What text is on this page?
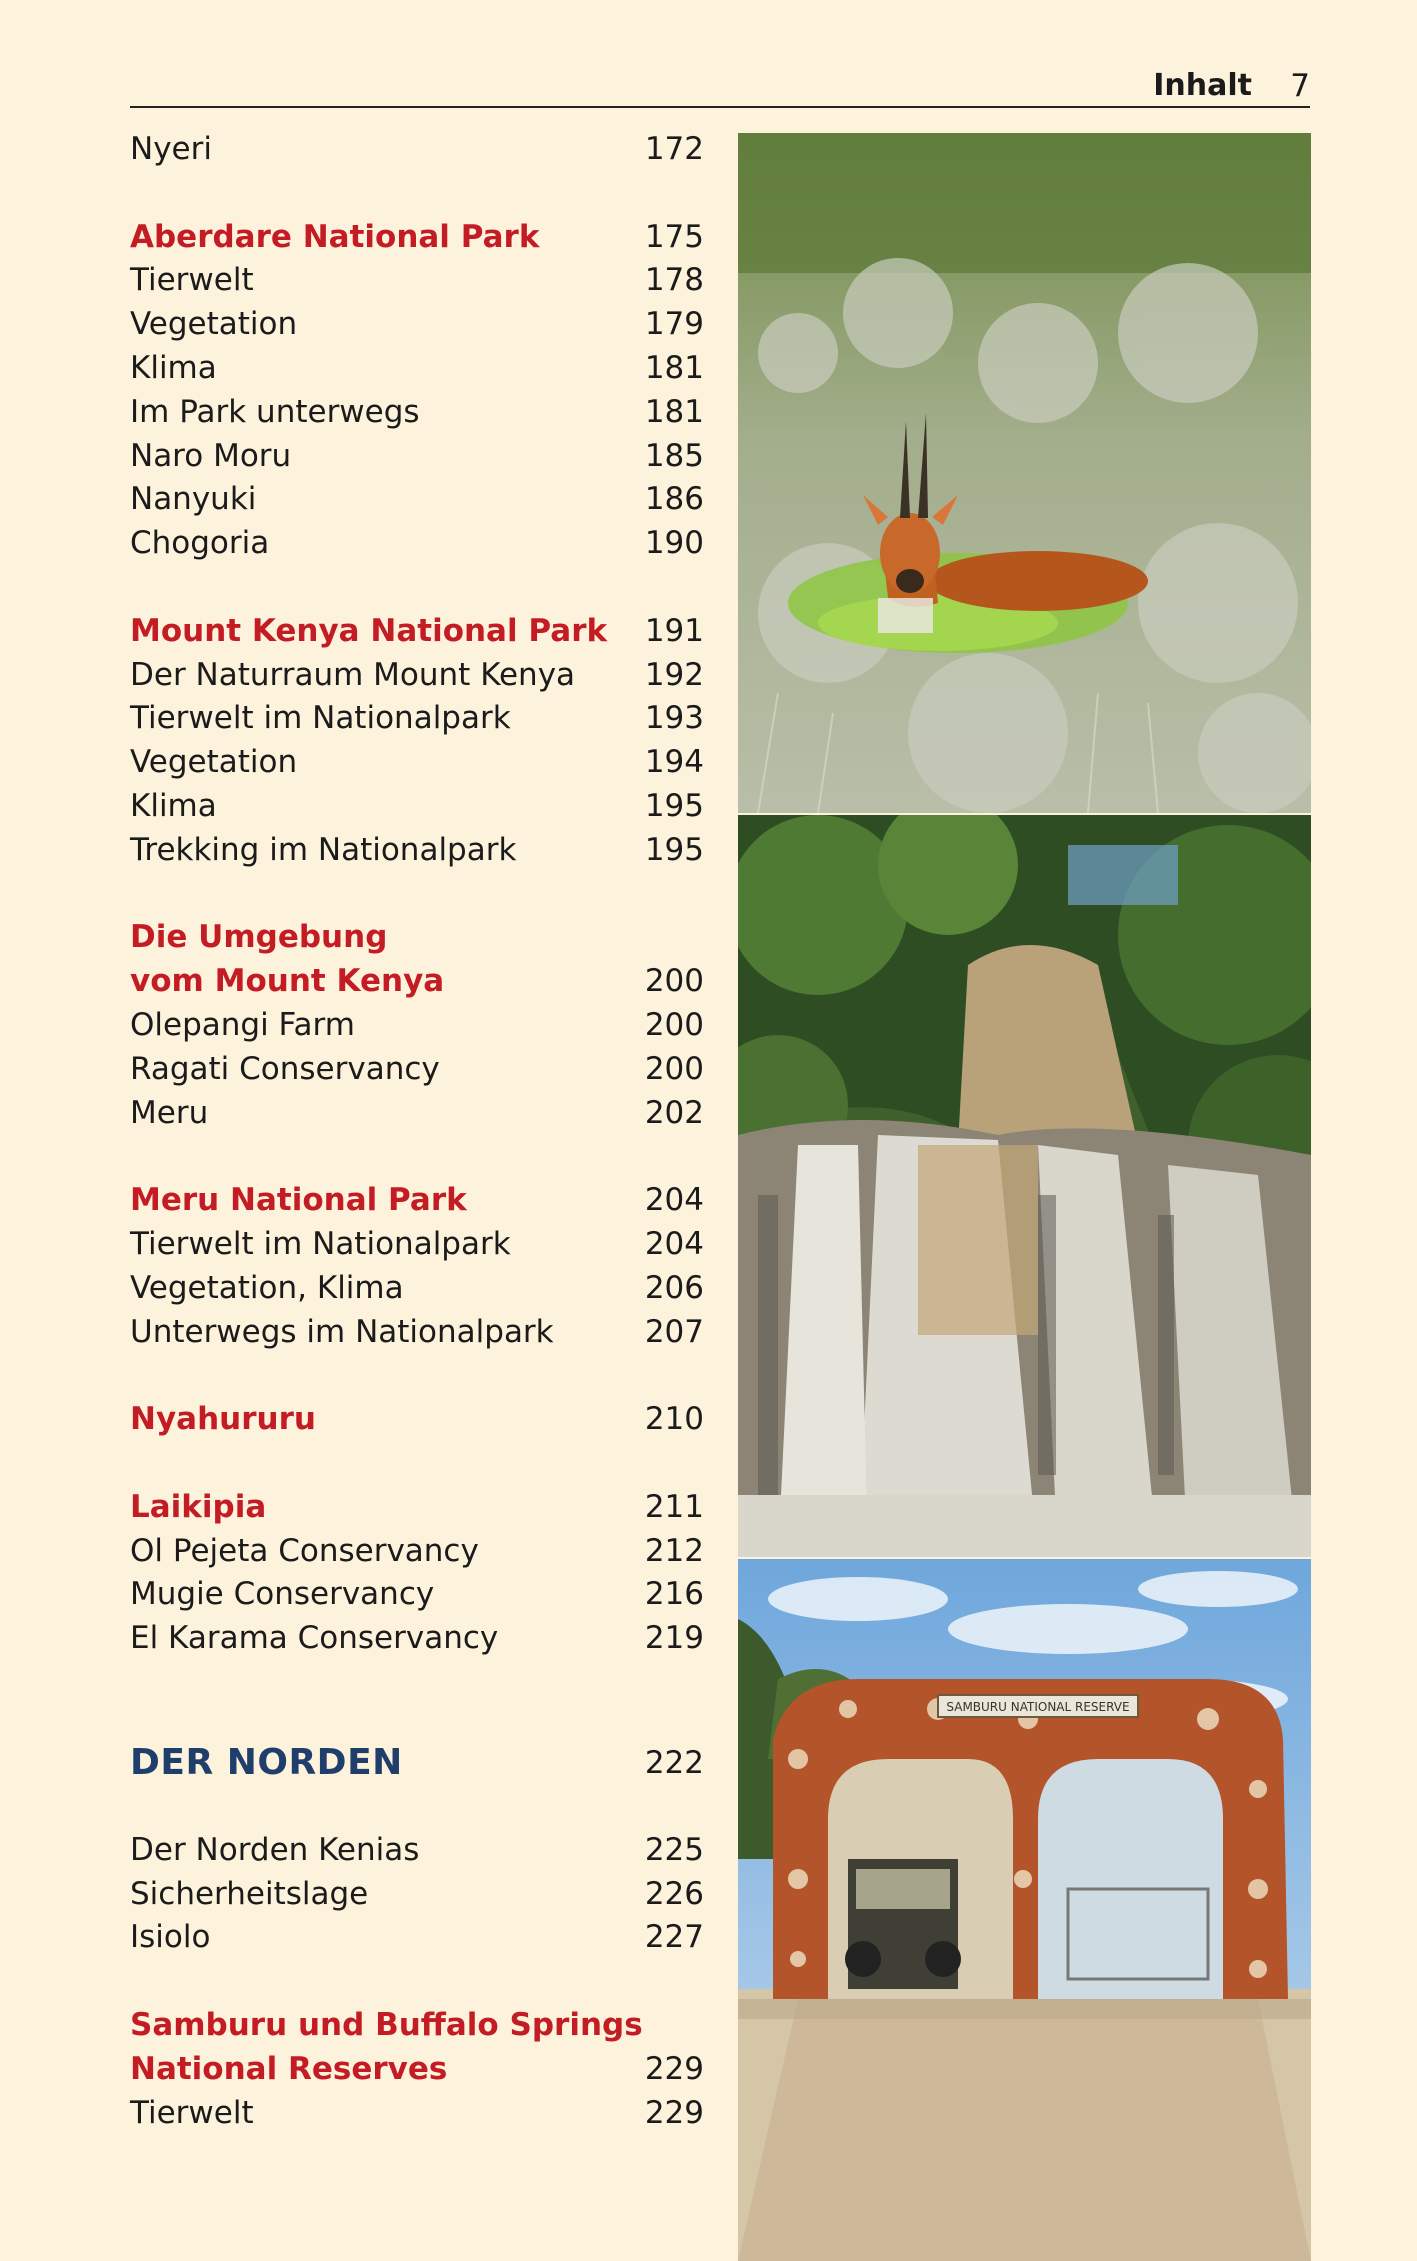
Inhalt 7
Nyeri	172
Aberdare National Park	175
Tierwelt	178
Vegetation	179
Klima	181
Im Park unterwegs	181
Naro Moru	185
Nanyuki	186
Chogoria	190
Mount Kenya National Park 191
Der Naturraum Mount Kenya 192
Tierwelt im Nationalpark	193
Vegetation	194
Klima	195
Trekking im Nationalpark	195
Die Umgebung
vom Mount Kenya	200
Olepangi Farm	200
Ragati Conservancy	200
Meru	202
Meru National Park	204
Tierwelt im Nationalpark	204
Vegetation, Klima	206
Unterwegs im Nationalpark	207
Nyahururu	210
Laikipia	211
Ol Pejeta Conservancy	212
Mugie Conservancy	216
El Karama Conservancy	219
DER NORDEN	222
Der Norden Kenias	225
Sicherheitslage	226
Isiolo	227
Samburu und Buffalo Springs
National Reserves	229
Tierwelt	229
SAMBURU NATIONAL RESERVE
